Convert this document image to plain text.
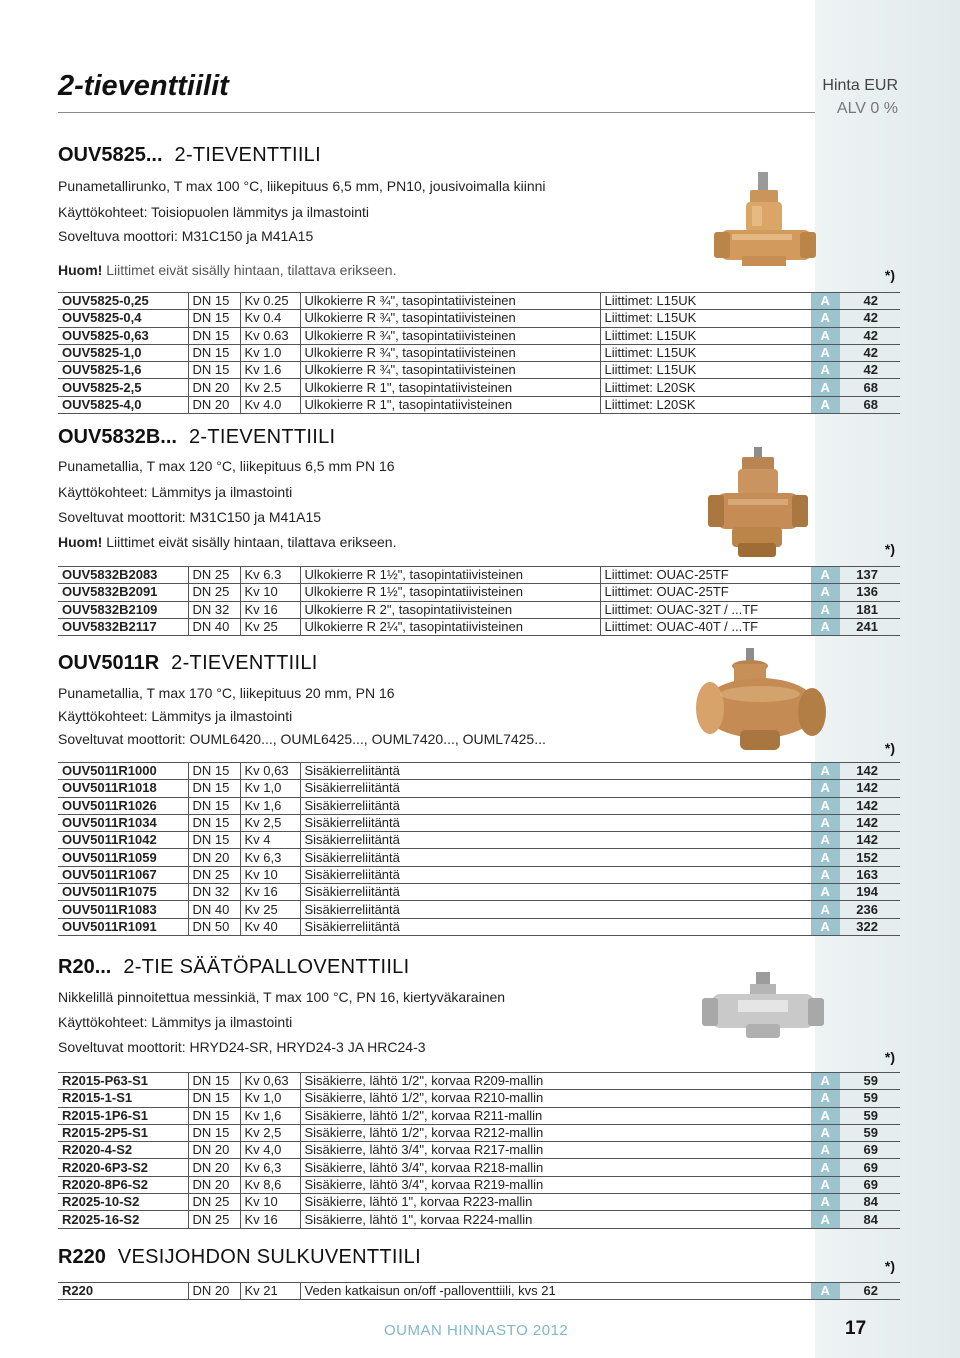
2-tieventtiilit	Hinta EUR
ALV 0 %
OUV5825... 2-TIEVENTTIILI
Punametallirunko, T max 100 °C, liikepituus 6,5 mm, PN10, jousivoimalla kiinni
Käyttökohteet: Toisiopuolen lämmitys ja ilmastointi
Soveltuva moottori: M31C150 ja M41A15
Huom! Liittimet eivät sisälly hintaan, tilattava erikseen.	*)
OUV5825-0,25	DN 15	Kv 0.25	Ulkokierre R ¾", tasopintatiivisteinen	Liittimet: L15UK	A	42
OUV5825-0,4	DN 15	Kv 0.4	Ulkokierre R ¾", tasopintatiivisteinen	Liittimet: L15UK	A	42
OUV5825-0,63	DN 15	Kv 0.63	Ulkokierre R ¾", tasopintatiivisteinen	Liittimet: L15UK	A	42
OUV5825-1,0	DN 15	Kv 1.0	Ulkokierre R ¾", tasopintatiivisteinen	Liittimet: L15UK	A	42
OUV5825-1,6	DN 15	Kv 1.6	Ulkokierre R ¾", tasopintatiivisteinen	Liittimet: L15UK	A	42
OUV5825-2,5	DN 20	Kv 2.5	Ulkokierre R 1", tasopintatiivisteinen	Liittimet: L20SK	A	68
OUV5825-4,0	DN 20	Kv 4.0	Ulkokierre R 1", tasopintatiivisteinen	Liittimet: L20SK	A	68
OUV5832B... 2-TIEVENTTIILI
Punametallia, T max 120 °C, liikepituus 6,5 mm PN 16
Käyttökohteet: Lämmitys ja ilmastointi
Soveltuvat moottorit: M31C150 ja M41A15
Huom! Liittimet eivät sisälly hintaan, tilattava erikseen.	*)
OUV5832B2083	DN 25	Kv 6.3	Ulkokierre R 1½", tasopintatiivisteinen	Liittimet: OUAC-25TF	A	137
OUV5832B2091	DN 25	Kv 10	Ulkokierre R 1½", tasopintatiivisteinen	Liittimet: OUAC-25TF	A	136
OUV5832B2109	DN 32	Kv 16	Ulkokierre R 2", tasopintatiivisteinen	Liittimet: OUAC-32T / ...TF	A	181
OUV5832B2117	DN 40	Kv 25	Ulkokierre R 2¼", tasopintatiivisteinen	Liittimet: OUAC-40T / ...TF	A	241
OUV5011R 2-TIEVENTTIILI
Punametallia, T max 170 °C, liikepituus 20 mm, PN 16
Käyttökohteet: Lämmitys ja ilmastointi
Soveltuvat moottorit: OUML6420..., OUML6425..., OUML7420..., OUML7425...
*)
OUV5011R1000	DN 15	Kv 0,63	Sisäkierreliitäntä	A	142
OUV5011R1018	DN 15	Kv 1,0	Sisäkierreliitäntä	A	142
OUV5011R1026	DN 15	Kv 1,6	Sisäkierreliitäntä	A	142
OUV5011R1034	DN 15	Kv 2,5	Sisäkierreliitäntä	A	142
OUV5011R1042	DN 15	Kv 4	Sisäkierreliitäntä	A	142
OUV5011R1059	DN 20	Kv 6,3	Sisäkierreliitäntä	A	152
OUV5011R1067	DN 25	Kv 10	Sisäkierreliitäntä	A	163
OUV5011R1075	DN 32	Kv 16	Sisäkierreliitäntä	A	194
OUV5011R1083	DN 40	Kv 25	Sisäkierreliitäntä	A	236
OUV5011R1091	DN 50	Kv 40	Sisäkierreliitäntä	A	322
R20... 2-TIE SÄÄTÖPALLOVENTTIILI
Nikkelillä pinnoitettua messinkiä, T max 100 °C, PN 16, kiertyväkarainen
Käyttökohteet: Lämmitys ja ilmastointi
Soveltuvat moottorit: HRYD24-SR, HRYD24-3 JA HRC24-3
*)
R2015-P63-S1	DN 15	Kv 0,63	Sisäkierre, lähtö 1/2", korvaa R209-mallin	A	59
R2015-1-S1	DN 15	Kv 1,0	Sisäkierre, lähtö 1/2", korvaa R210-mallin	A	59
R2015-1P6-S1	DN 15	Kv 1,6	Sisäkierre, lähtö 1/2", korvaa R211-mallin	A	59
R2015-2P5-S1	DN 15	Kv 2,5	Sisäkierre, lähtö 1/2", korvaa R212-mallin	A	59
R2020-4-S2	DN 20	Kv 4,0	Sisäkierre, lähtö 3/4", korvaa R217-mallin	A	69
R2020-6P3-S2	DN 20	Kv 6,3	Sisäkierre, lähtö 3/4", korvaa R218-mallin	A	69
R2020-8P6-S2	DN 20	Kv 8,6	Sisäkierre, lähtö 3/4", korvaa R219-mallin	A	69
R2025-10-S2	DN 25	Kv 10	Sisäkierre, lähtö 1", korvaa R223-mallin	A	84
R2025-16-S2	DN 25	Kv 16	Sisäkierre, lähtö 1", korvaa R224-mallin	A	84
R220 VESIJOHDON SULKUVENTTIILI	*)
R220	DN 20	Kv 21	Veden katkaisun on/off -palloventtiili, kvs 21	A	62
OUMAN HINNASTO 2012	17
